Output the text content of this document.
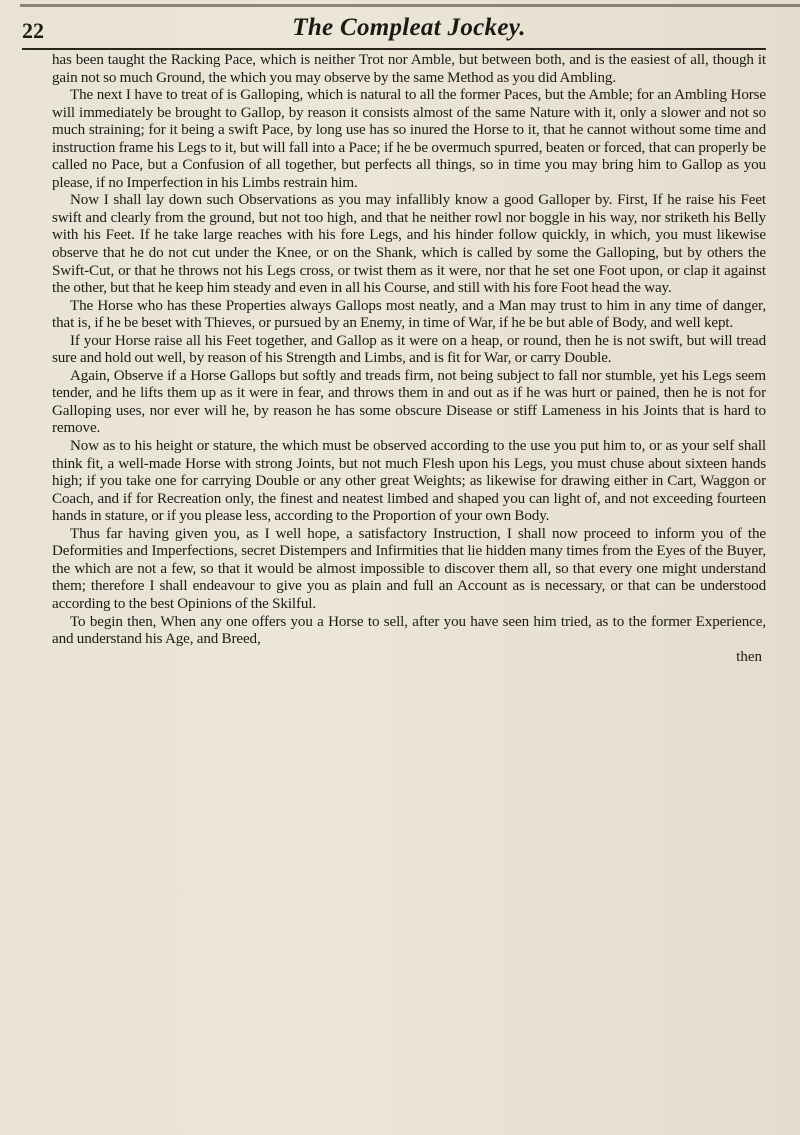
22	The Compleat Jockey.

has been taught the Racking Pace, which is neither Trot nor Amble, but between both, and is the easiest of all, though it gain not so much Ground, the which you may observe by the same Method as you did Ambling.

The next I have to treat of is Galloping, which is natural to all the former Paces, but the Amble; for an Ambling Horse will immediately be brought to Gallop, by reason it consists almost of the same Nature with it, only a slower and not so much straining; for it being a swift Pace, by long use has so inured the Horse to it, that he cannot without some time and instruction frame his Legs to it, but will fall into a Pace; if he be overmuch spurred, beaten or forced, that can properly be called no Pace, but a Confusion of all together, but perfects all things, so in time you may bring him to Gallop as you please, if no Imperfection in his Limbs restrain him.

Now I shall lay down such Observations as you may infallibly know a good Galloper by. First, If he raise his Feet swift and clearly from the ground, but not too high, and that he neither rowl nor boggle in his way, nor striketh his Belly with his Feet. If he take large reaches with his fore Legs, and his hinder follow quickly, in which, you must likewise observe that he do not cut under the Knee, or on the Shank, which is called by some the Galloping, but by others the Swift-Cut, or that he throws not his Legs cross, or twist them as it were, nor that he set one Foot upon, or clap it against the other, but that he keep him steady and even in all his Course, and still with his fore Foot head the way.

The Horse who has these Properties always Gallops most neatly, and a Man may trust to him in any time of danger, that is, if he be beset with Thieves, or pursued by an Enemy, in time of War, if he be but able of Body, and well kept.

If your Horse raise all his Feet together, and Gallop as it were on a heap, or round, then he is not swift, but will tread sure and hold out well, by reason of his Strength and Limbs, and is fit for War, or carry Double.

Again, Observe if a Horse Gallops but softly and treads firm, not being subject to fall nor stumble, yet his Legs seem tender, and he lifts them up as it were in fear, and throws them in and out as if he was hurt or pained, then he is not for Galloping uses, nor ever will he, by reason he has some obscure Disease or stiff Lameness in his Joints that is hard to remove.

Now as to his height or stature, the which must be observed according to the use you put him to, or as your self shall think fit, a well-made Horse with strong Joints, but not much Flesh upon his Legs, you must chuse about sixteen hands high; if you take one for carrying Double or any other great Weights; as likewise for drawing either in Cart, Waggon or Coach, and if for Recreation only, the finest and neatest limbed and shaped you can light of, and not exceeding fourteen hands in stature, or if you please less, according to the Proportion of your own Body.

Thus far having given you, as I well hope, a satisfactory Instruction, I shall now proceed to inform you of the Deformities and Imperfections, secret Distempers and Infirmities that lie hidden many times from the Eyes of the Buyer, the which are not a few, so that it would be almost impossible to discover them all, so that every one might understand them; therefore I shall endeavour to give you as plain and full an Account as is necessary, or that can be understood according to the best Opinions of the Skilful.

To begin then, When any one offers you a Horse to sell, after you have seen him tried, as to the former Experience, and understand his Age, and Breed,

then
